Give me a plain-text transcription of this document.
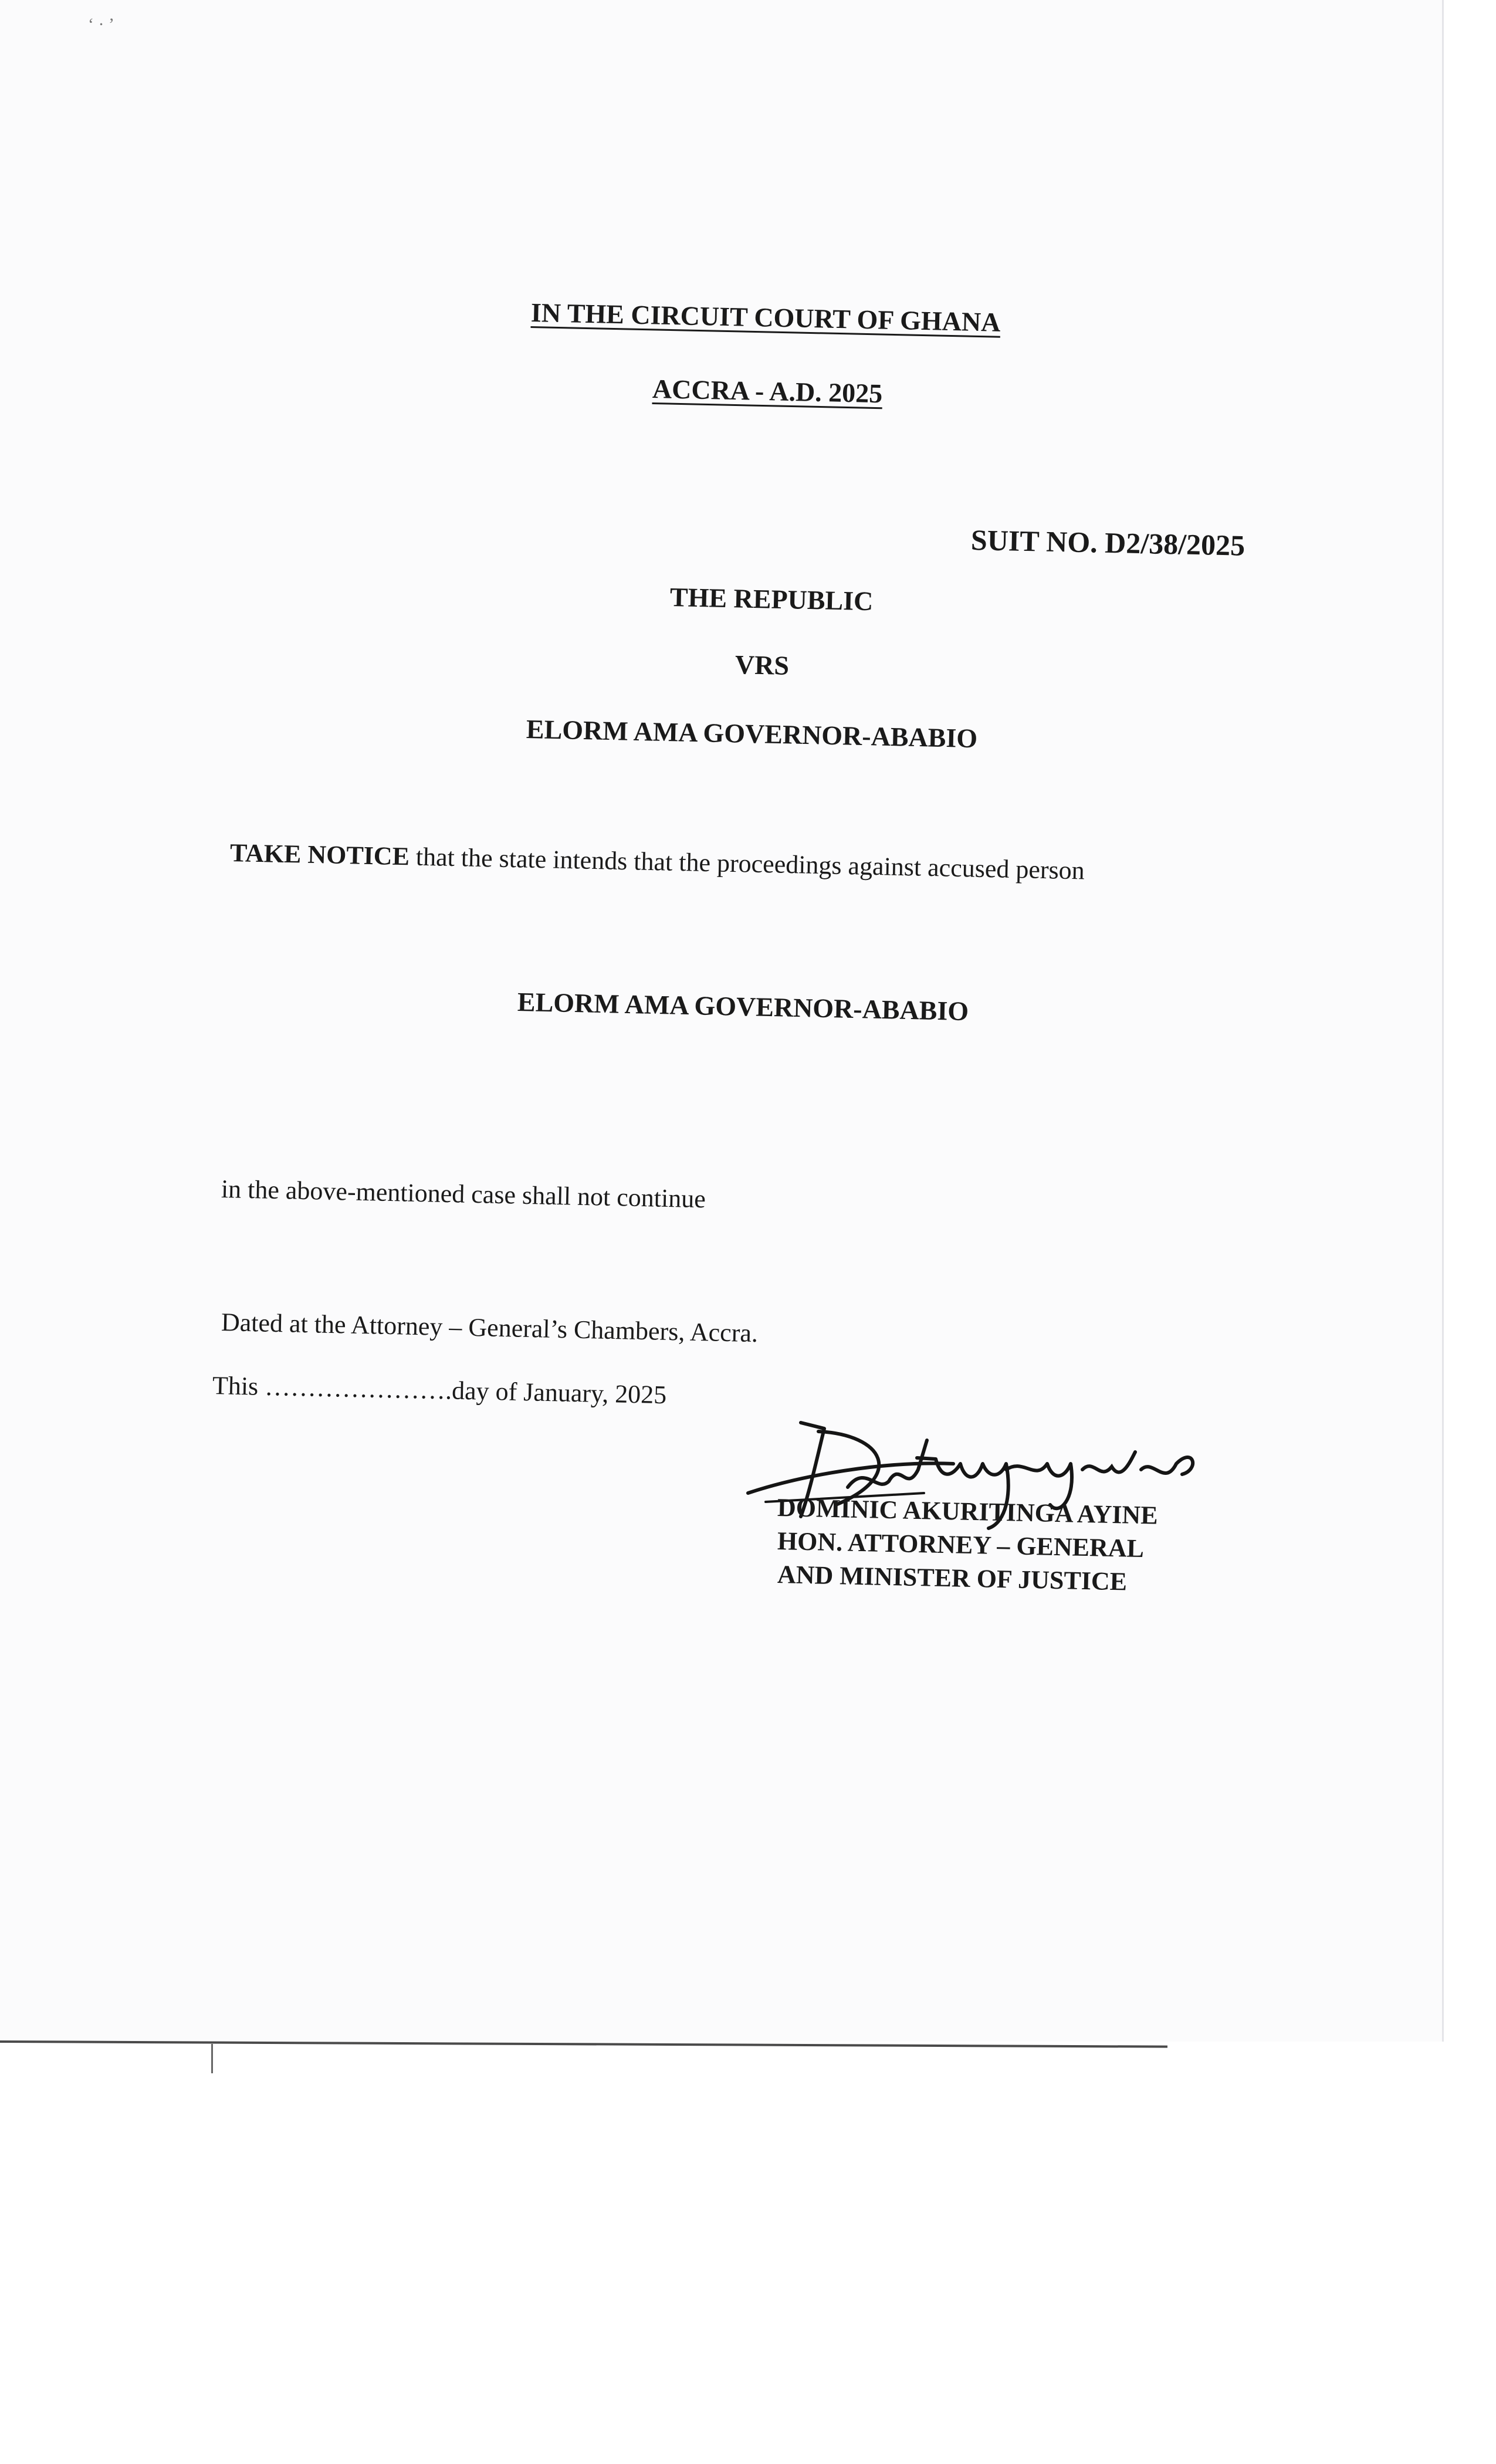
‘ · ’
IN THE CIRCUIT COURT OF GHANA
ACCRA - A.D. 2025
SUIT NO. D2/38/2025
THE REPUBLIC
VRS
ELORM AMA GOVERNOR-ABABIO
TAKE NOTICE that the state intends that the proceedings against accused person
ELORM AMA GOVERNOR-ABABIO
in the above-mentioned case shall not continue
Dated at the Attorney – General’s Chambers, Accra.
This ………………….day of January, 2025
DOMINIC AKURITINGA AYINE
HON. ATTORNEY – GENERAL
AND MINISTER OF JUSTICE
